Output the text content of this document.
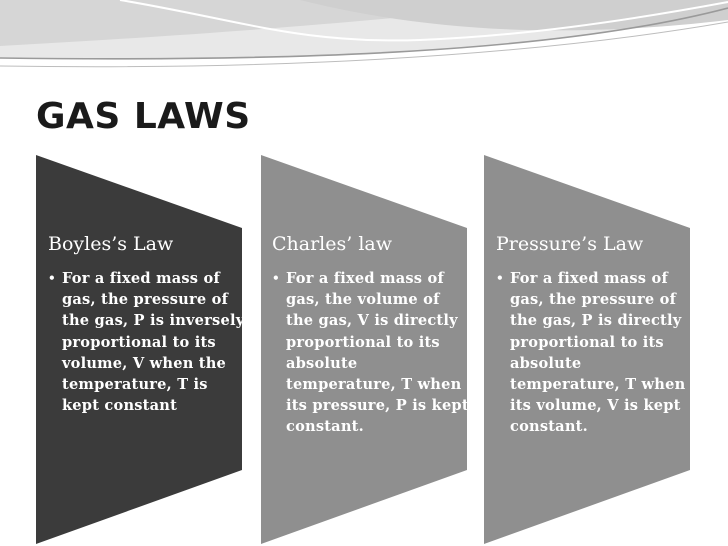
GAS LAWS
Boyles’s Law
• For a fixed mass of gas, the pressure of the gas, P is inversely proportional to its volume, V when the temperature, T is kept constant
Charles’ law
• For a fixed mass of gas, the volume of the gas, V is directly proportional to its absolute temperature, T when its pressure, P is kept constant.
Pressure’s Law
• For a fixed mass of gas, the pressure of the gas, P is directly proportional to its absolute temperature, T when its volume, V is kept constant.
